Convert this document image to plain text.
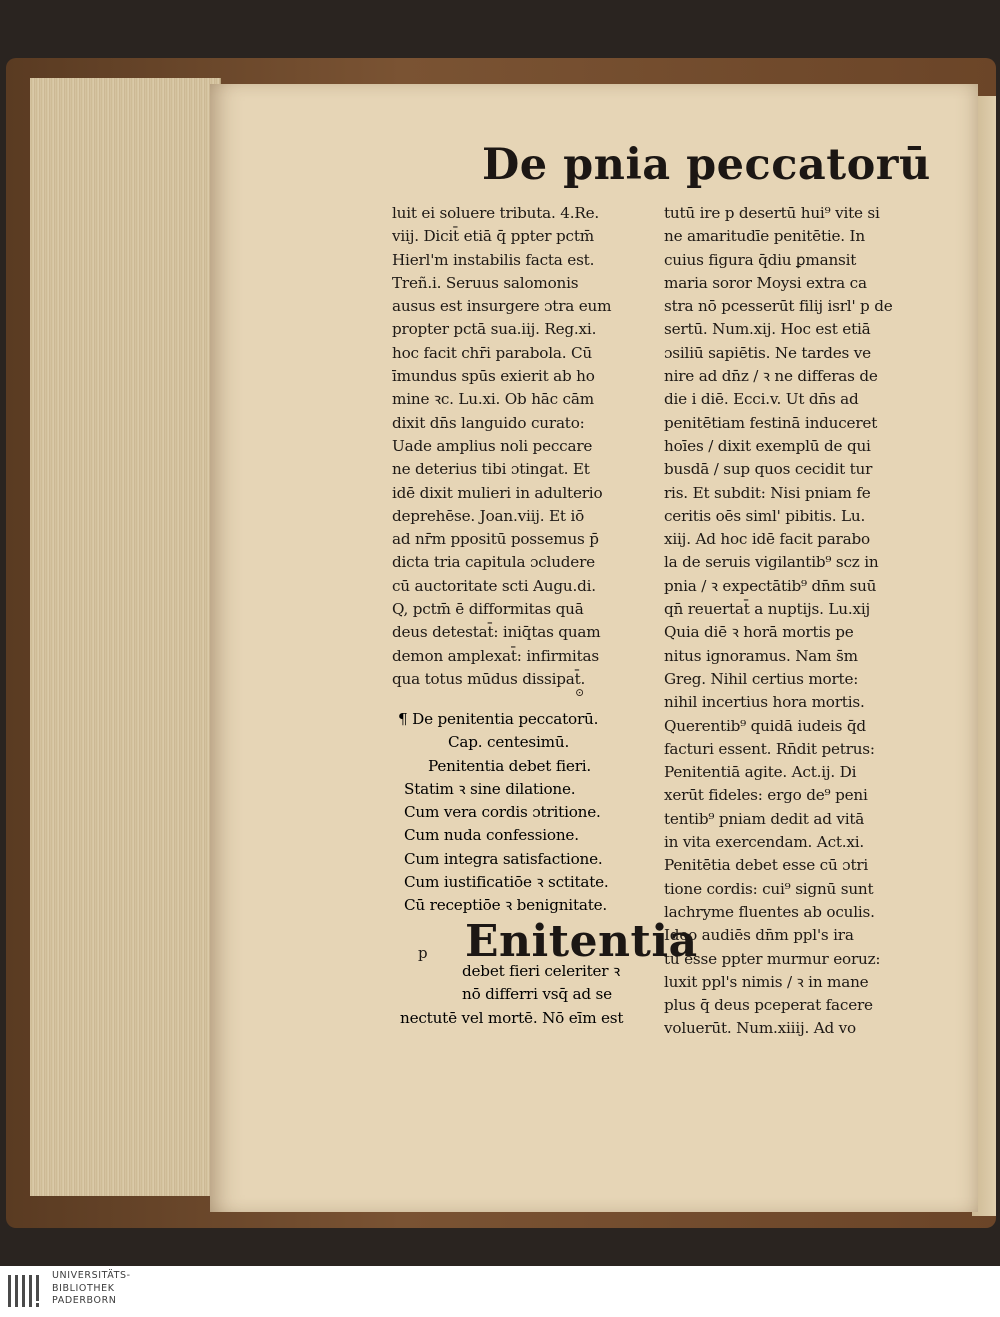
De pnia peccatorū
luit ei soluere tributa. 4.Re.
viij. Dicit̄ etiā q̄ ppter pctm̄
Hierl'm instabilis facta est.
Treñ.i. Seruus salomonis
ausus est insurgere ɔtra eum
propter pctā sua.iij. Reg.xi.
hoc facit chr̄i parabola. Cū
īmundus spūs exierit ab ho
mine ꝛc. Lu.xi. Ob hāc cām
dixit dn̄s languido curato:
Uade amplius noli peccare
ne deterius tibi ɔtingat. Et
idē dixit mulieri in adulterio
deprehēse. Joan.viij. Et iō
ad nr̄m ppositū possemus p̄
dicta tria capitula ɔcludere
cū auctoritate scti Augu.di.
Q, pctm̄ ē difformitas quā
deus detestat̄: iniq̄tas quam
demon amplexat̄: infirmitas
qua totus mūdus dissipat̄.
⊙
¶ De penitentia peccatorū.
Cap. centesimū.
Penitentia debet fieri.
Statim ꝛ sine dilatione.
Cum vera cordis ɔtritione.
Cum nuda confessione.
Cum integra satisfactione.
Cum iustificatiōe ꝛ sctitate.
Cū receptiōe ꝛ benignitate.
p Enitentia
debet fieri celeriter ꝛ
nō differri vsq̄ ad se
nectutē vel mortē. Nō eīm est
tutū ire p desertū hui⁹ vite si
ne amaritudīe penitētie. In
cuius figura q̄diu ꝑmansit
maria soror Moysi extra ca
stra nō pcesserūt filij isrl' p de
sertū. Num.xij. Hoc est etiā
ɔsiliū sapiētis. Ne tardes ve
nire ad dn̄z / ꝛ ne differas de
die i diē. Ecci.v. Ut dn̄s ad
penitētiam festinā induceret
hoīes / dixit exemplū de qui
busdā / sup quos cecidit tur
ris. Et subdit: Nisi pniam fe
ceritis oēs siml' pibitis. Lu.
xiij. Ad hoc idē facit parabo
la de seruis vigilantib⁹ scz in
pnia / ꝛ expectātib⁹ dn̄m suū
qn̄ reuertat̄ a nuptijs. Lu.xij
Quia diē ꝛ horā mortis pe
nitus ignoramus. Nam s̄m
Greg. Nihil certius morte:
nihil incertius hora mortis.
Querentib⁹ quidā iudeis q̄d
facturi essent. Rn̄dit petrus:
Penitentiā agite. Act.ij. Di
xerūt fideles: ergo de⁹ peni
tentib⁹ pniam dedit ad vitā
in vita exercendam. Act.xi.
Penitētia debet esse cū ɔtri
tione cordis: cui⁹ signū sunt
lachryme fluentes ab oculis.
Ideo audiēs dn̄m ppl's ira
tū esse ppter murmur eoruz:
luxit ppl's nimis / ꝛ in mane
plus q̄ deus pceperat facere
voluerūt. Num.xiiij. Ad vo
UNIVERSITÄTS-
BIBLIOTHEK
PADERBORN
